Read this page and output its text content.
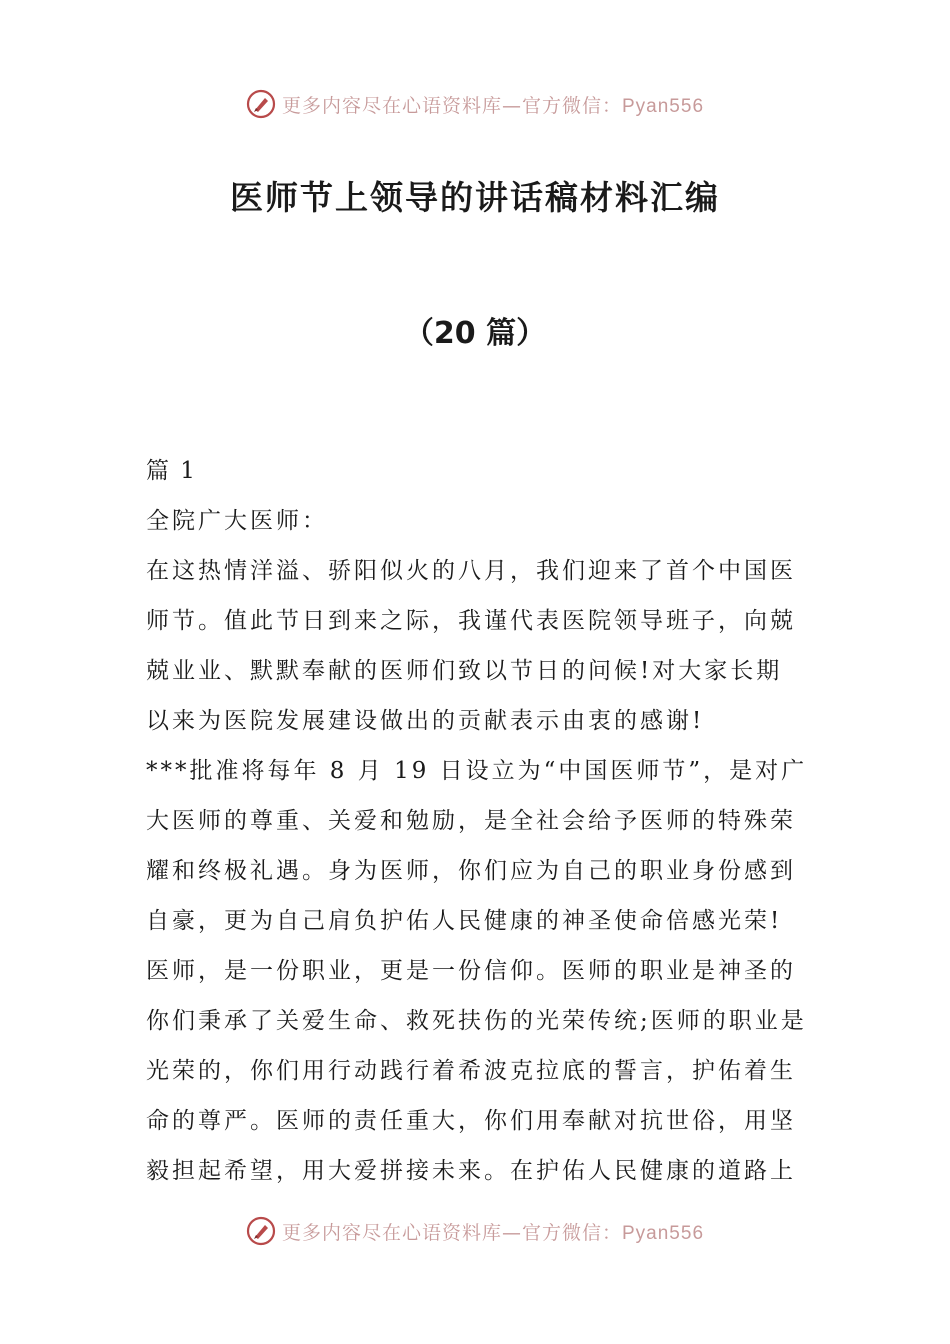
更多内容尽在心语资料库—官方微信：Pyan556
医师节上领导的讲话稿材料汇编
（20 篇）

篇 1

全院广大医师：

在这热情洋溢、骄阳似火的八月，我们迎来了首个中国医师节。值此节日到来之际，我谨代表医院领导班子，向兢兢业业、默默奉献的医师们致以节日的问候!对大家长期以来为医院发展建设做出的贡献表示由衷的感谢!

***批准将每年 8 月 19 日设立为“中国医师节”，是对广大医师的尊重、关爱和勉励，是全社会给予医师的特殊荣耀和终极礼遇。身为医师，你们应为自己的职业身份感到自豪，更为自己肩负护佑人民健康的神圣使命倍感光荣!

医师，是一份职业，更是一份信仰。医师的职业是神圣的你们秉承了关爱生命、救死扶伤的光荣传统;医师的职业是光荣的，你们用行动践行着希波克拉底的誓言，护佑着生命的尊严。医师的责任重大，你们用奉献对抗世俗，用坚毅担起希望，用大爱拼接未来。在护佑人民健康的道路上

更多内容尽在心语资料库—官方微信：Pyan556
